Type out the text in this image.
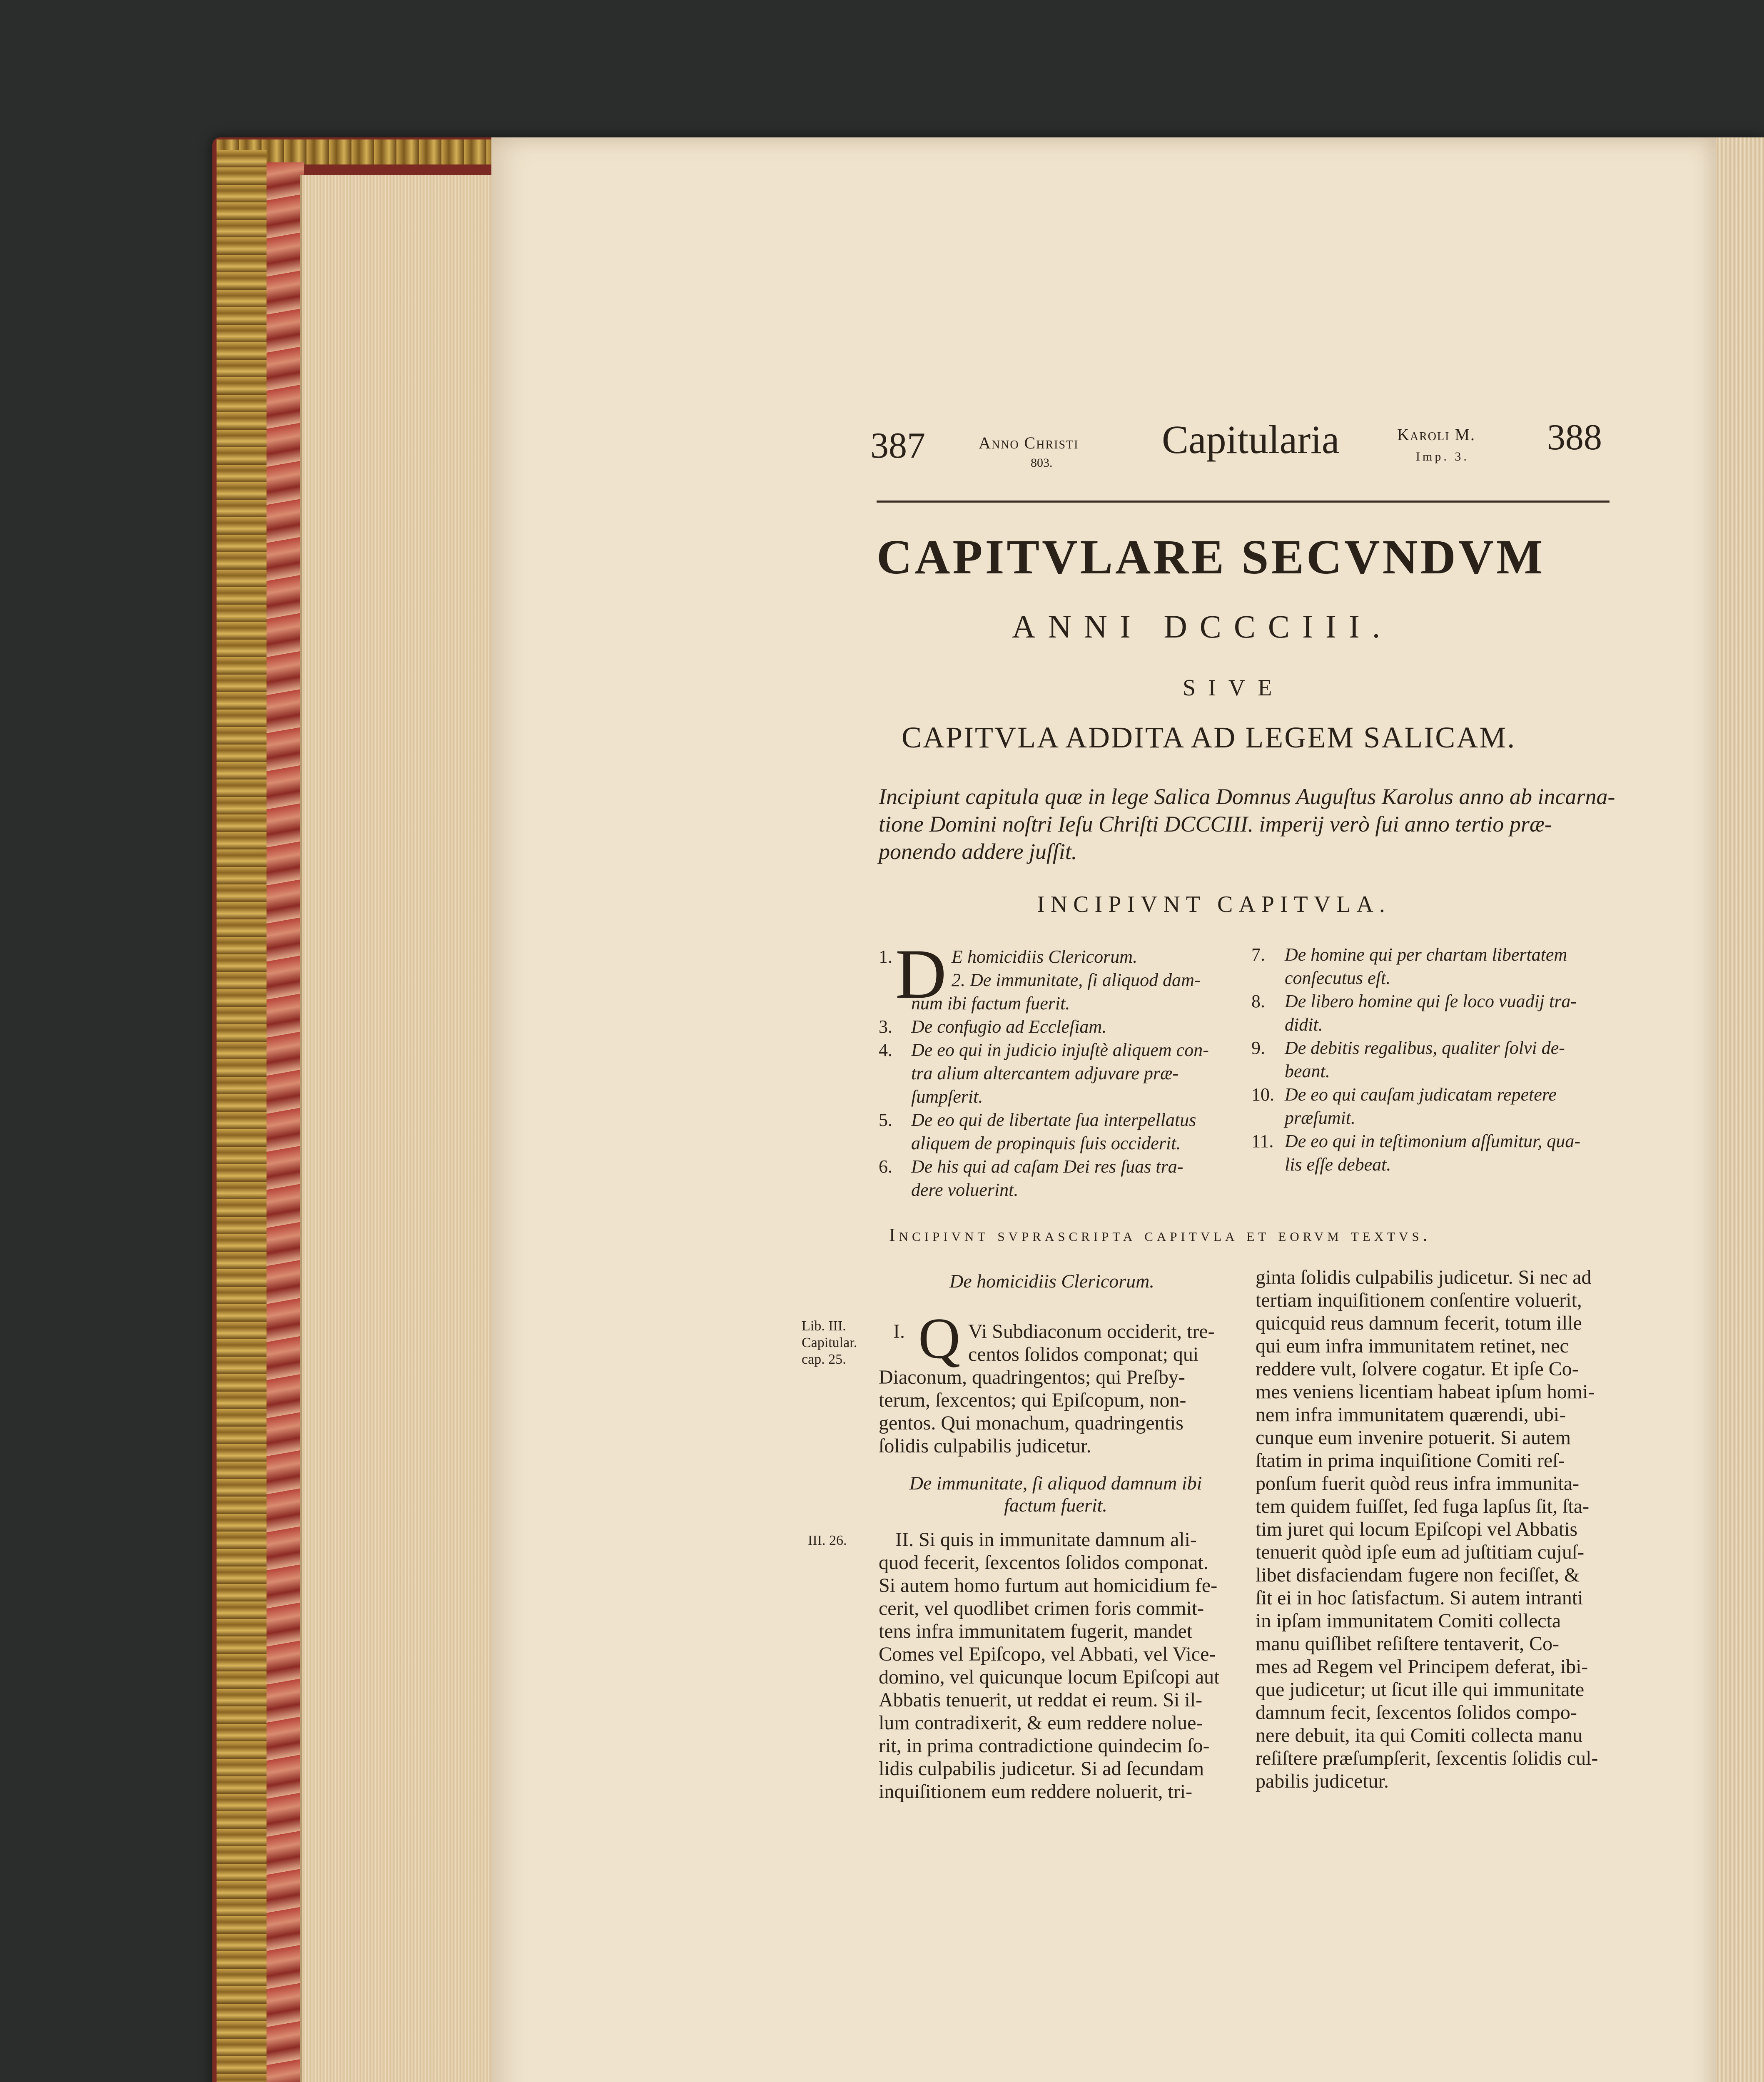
387	Anno Christi
803.
Capitularia	Karoli M.
Imp. 3. 388
CAPITVLARE SECVNDVM
ANNI DCCCIII.
SIVE
CAPITVLA ADDITA AD LEGEM SALICAM.
Incipiunt capitula quæ in lege Salica Domnus Auguſtus Karolus anno ab incarna-
tione Domini noſtri Ieſu Chriſti DCCCIII. imperij verò ſui anno tertio præ-
ponendo addere juſſit.
INCIPIVNT CAPITVLA.
1. D E homicidiis Clericorum.
2. De immunitate, ſi aliquod dam-
num ibi factum fuerit.
3. De confugio ad Eccleſiam.
4. De eo qui in judicio injuſtè aliquem con-
tra alium altercantem adjuvare præ-
ſumpſerit.
5. De eo qui de libertate ſua interpellatus
aliquem de propinquis ſuis occiderit.
6. De his qui ad caſam Dei res ſuas tra-
dere voluerint.
7. De homine qui per chartam libertatem
conſecutus eſt.
8. De libero homine qui ſe loco vuadij tra-
didit.
9. De debitis regalibus, qualiter ſolvi de-
beant.
10. De eo qui cauſam judicatam repetere
præſumit.
11. De eo qui in teſtimonium aſſumitur, qua-
lis eſſe debeat.
Incipivnt svprascripta capitvla et eorvm textvs.
De homicidiis Clericorum.
Lib. III.
Capitular.
cap. 25.
I. Q Vi Subdiaconum occiderit, tre-
centos ſolidos componat; qui
Diaconum, quadringentos; qui Preſby-
terum, ſexcentos; qui Epiſcopum, non-
gentos. Qui monachum, quadringentis
ſolidis culpabilis judicetur.
De immunitate, ſi aliquod damnum ibi
factum fuerit.
III. 26.	II. Si quis in immunitate damnum ali-
quod fecerit, ſexcentos ſolidos componat.
Si autem homo furtum aut homicidium fe-
cerit, vel quodlibet crimen foris commit-
tens infra immunitatem fugerit, mandet
Comes vel Epiſcopo, vel Abbati, vel Vice-
domino, vel quicunque locum Epiſcopi aut
Abbatis tenuerit, ut reddat ei reum. Si il-
lum contradixerit, & eum reddere nolue-
rit, in prima contradictione quindecim ſo-
lidis culpabilis judicetur. Si ad ſecundam
inquiſitionem eum reddere noluerit, tri-
ginta ſolidis culpabilis judicetur. Si nec ad
tertiam inquiſitionem conſentire voluerit,
quicquid reus damnum fecerit, totum ille
qui eum infra immunitatem retinet, nec
reddere vult, ſolvere cogatur. Et ipſe Co-
mes veniens licentiam habeat ipſum homi-
nem infra immunitatem quærendi, ubi-
cunque eum invenire potuerit. Si autem
ſtatim in prima inquiſitione Comiti reſ-
ponſum fuerit quòd reus infra immunita-
tem quidem fuiſſet, ſed fuga lapſus ſit, ſta-
tim juret qui locum Epiſcopi vel Abbatis
tenuerit quòd ipſe eum ad juſtitiam cujuſ-
libet disfaciendam fugere non feciſſet, &
ſit ei in hoc ſatisfactum. Si autem intranti
in ipſam immunitatem Comiti collecta
manu quiſlibet reſiſtere tentaverit, Co-
mes ad Regem vel Principem deferat, ibi-
que judicetur; ut ſicut ille qui immunitate
damnum fecit, ſexcentos ſolidos compo-
nere debuit, ita qui Comiti collecta manu
reſiſtere præſumpſerit, ſexcentis ſolidis cul-
pabilis judicetur.
